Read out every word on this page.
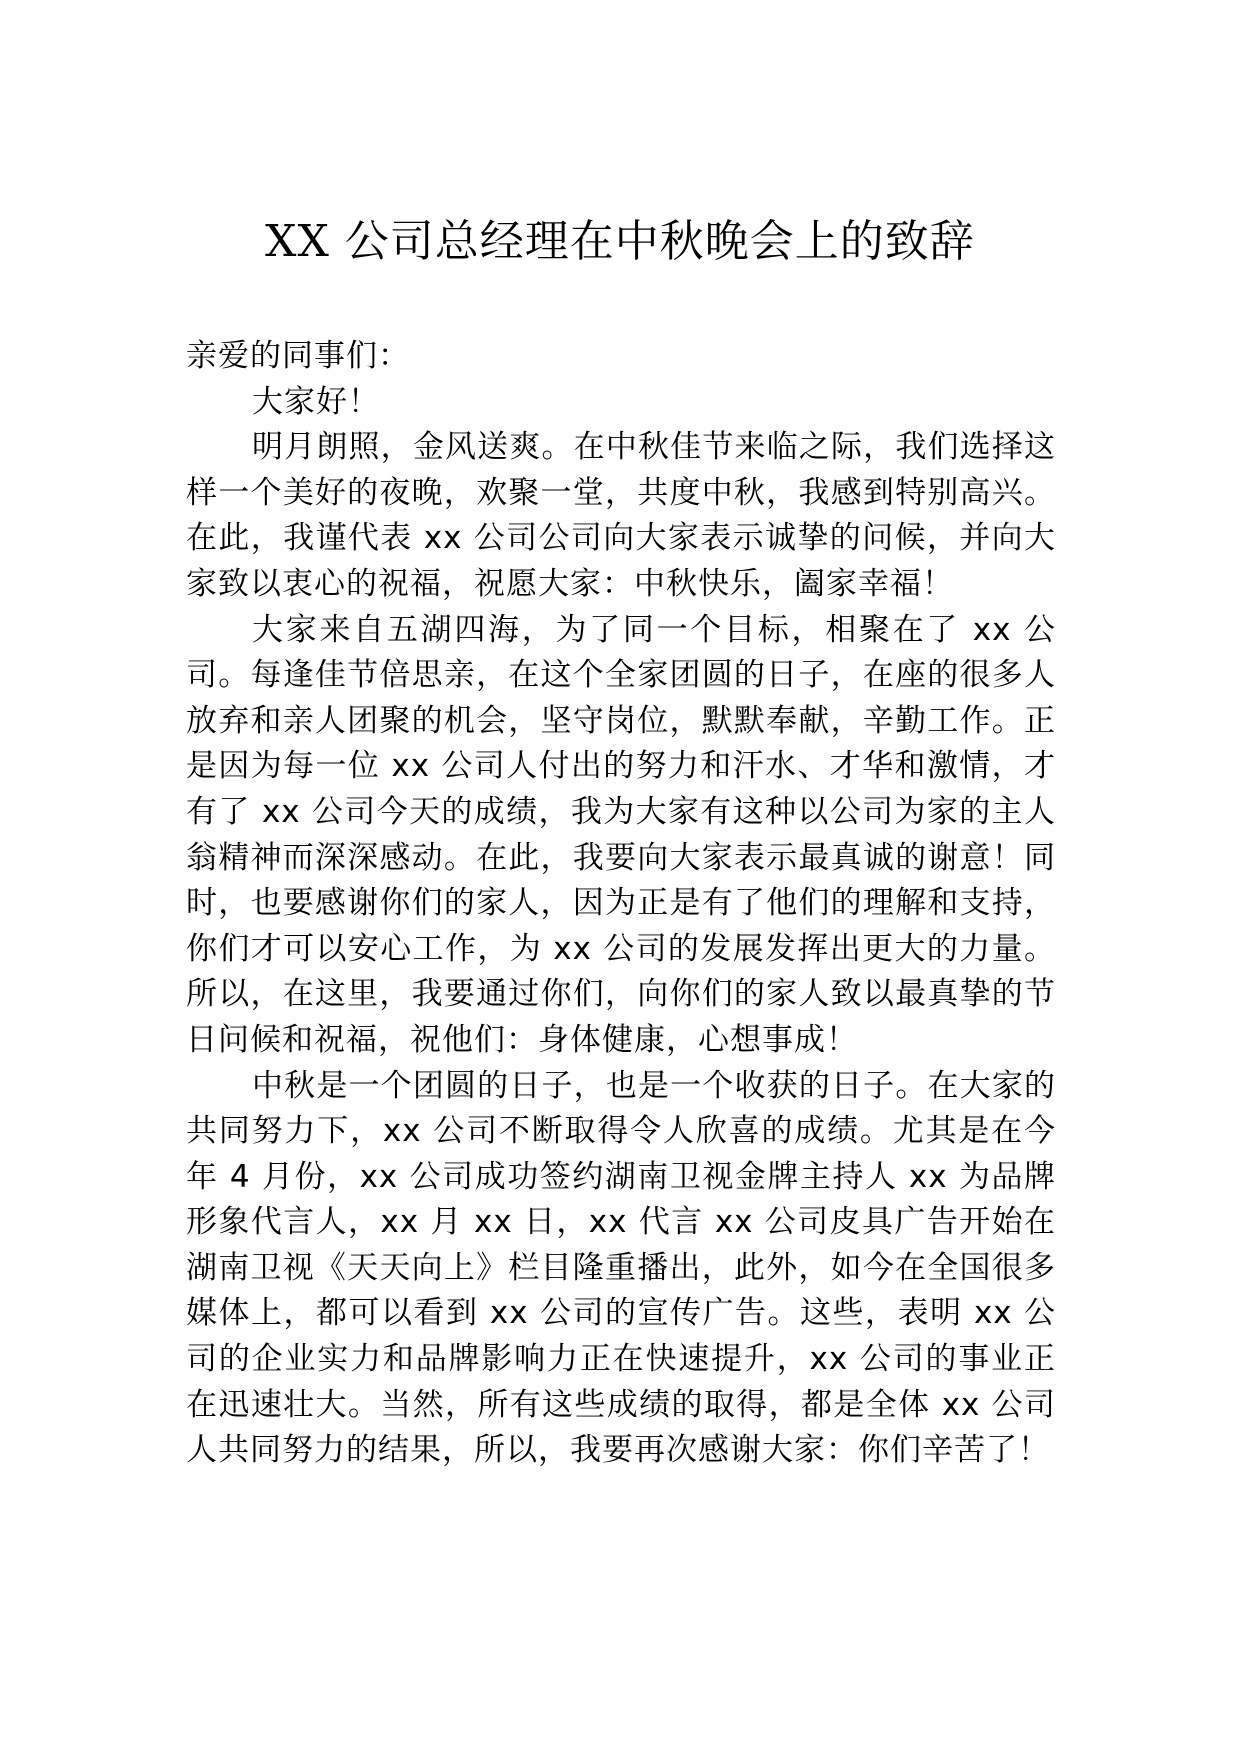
XX 公司总经理在中秋晚会上的致辞

亲爱的同事们：

大家好！

明月朗照，金风送爽。在中秋佳节来临之际，我们选择这样一个美好的夜晚，欢聚一堂，共度中秋，我感到特别高兴。在此，我谨代表 xx 公司公司向大家表示诚挚的问候，并向大家致以衷心的祝福，祝愿大家：中秋快乐，阖家幸福！

大家来自五湖四海，为了同一个目标，相聚在了 xx 公司。每逢佳节倍思亲，在这个全家团圆的日子，在座的很多人放弃和亲人团聚的机会，坚守岗位，默默奉献，辛勤工作。正是因为每一位 xx 公司人付出的努力和汗水、才华和激情，才有了 xx 公司今天的成绩，我为大家有这种以公司为家的主人翁精神而深深感动。在此，我要向大家表示最真诚的谢意！同时，也要感谢你们的家人，因为正是有了他们的理解和支持，你们才可以安心工作，为 xx 公司的发展发挥出更大的力量。所以，在这里，我要通过你们，向你们的家人致以最真挚的节日问候和祝福，祝他们：身体健康，心想事成！

中秋是一个团圆的日子，也是一个收获的日子。在大家的共同努力下，xx 公司不断取得令人欣喜的成绩。尤其是在今年 4 月份，xx 公司成功签约湖南卫视金牌主持人 xx 为品牌形象代言人，xx 月 xx 日，xx 代言 xx 公司皮具广告开始在湖南卫视《天天向上》栏目隆重播出，此外，如今在全国很多媒体上，都可以看到 xx 公司的宣传广告。这些，表明 xx 公司的企业实力和品牌影响力正在快速提升，xx 公司的事业正在迅速壮大。当然，所有这些成绩的取得，都是全体 xx 公司人共同努力的结果，所以，我要再次感谢大家：你们辛苦了！
